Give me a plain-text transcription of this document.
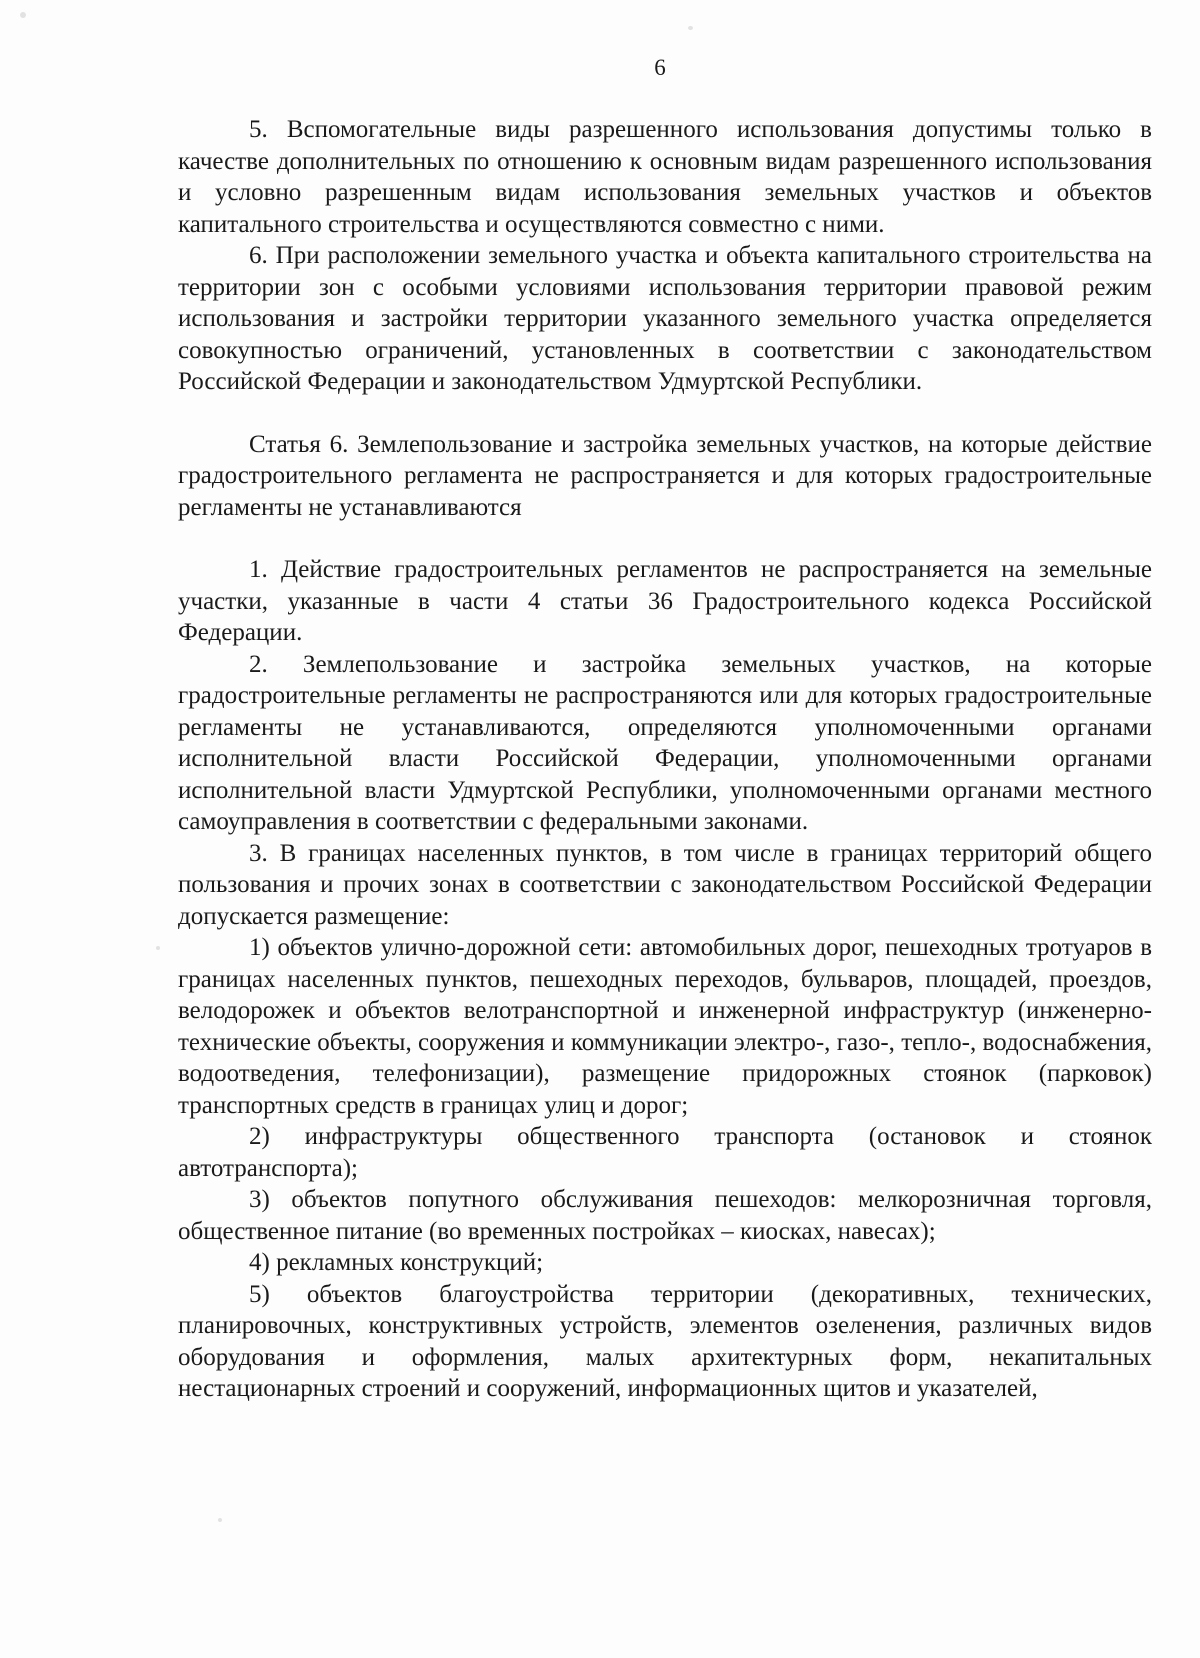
6

5. Вспомогательные виды разрешенного использования допустимы только в качестве дополнительных по отношению к основным видам разрешенного использования и условно разрешенным видам использования земельных участков и объектов капитального строительства и осуществляются совместно с ними.

6. При расположении земельного участка и объекта капитального строительства на территории зон с особыми условиями использования территории правовой режим использования и застройки территории указанного земельного участка определяется совокупностью ограничений, установленных в соответствии с законодательством Российской Федерации и законодательством Удмуртской Республики.

Статья 6. Землепользование и застройка земельных участков, на которые действие градостроительного регламента не распространяется и для которых градостроительные регламенты не устанавливаются

1. Действие градостроительных регламентов не распространяется на земельные участки, указанные в части 4 статьи 36 Градостроительного кодекса Российской Федерации.

2. Землепользование и застройка земельных участков, на которые градостроительные регламенты не распространяются или для которых градостроительные регламенты не устанавливаются, определяются уполномоченными органами исполнительной власти Российской Федерации, уполномоченными органами исполнительной власти Удмуртской Республики, уполномоченными органами местного самоуправления в соответствии с федеральными законами.

3. В границах населенных пунктов, в том числе в границах территорий общего пользования и прочих зонах в соответствии с законодательством Российской Федерации допускается размещение:

1) объектов улично-дорожной сети: автомобильных дорог, пешеходных тротуаров в границах населенных пунктов, пешеходных переходов, бульваров, площадей, проездов, велодорожек и объектов велотранспортной и инженерной инфраструктур (инженерно-технические объекты, сооружения и коммуникации электро-, газо-, тепло-, водоснабжения, водоотведения, телефонизации), размещение придорожных стоянок (парковок) транспортных средств в границах улиц и дорог;

2) инфраструктуры общественного транспорта (остановок и стоянок автотранспорта);

3) объектов попутного обслуживания пешеходов: мелкорозничная торговля, общественное питание (во временных постройках – киосках, навесах);

4) рекламных конструкций;

5) объектов благоустройства территории (декоративных, технических, планировочных, конструктивных устройств, элементов озеленения, различных видов оборудования и оформления, малых архитектурных форм, некапитальных нестационарных строений и сооружений, информационных щитов и указателей,
